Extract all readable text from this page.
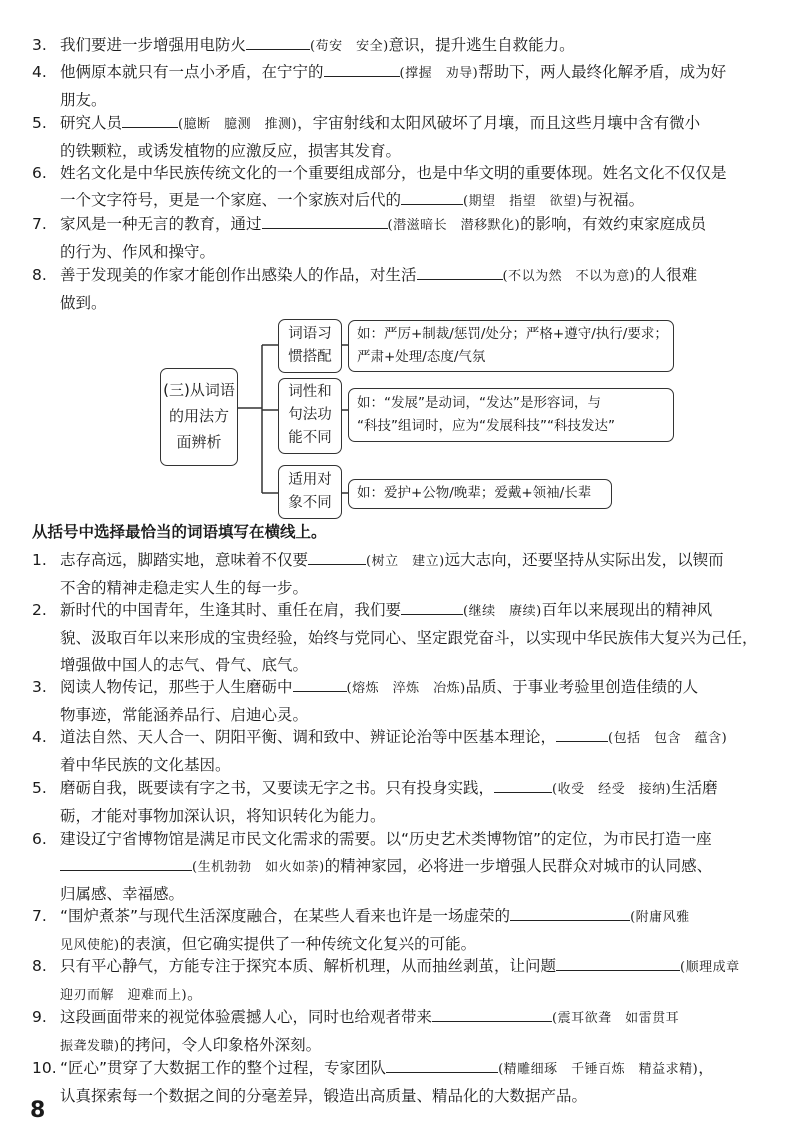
3. 我们要进一步增强用电防火	(苟安　安全)意识，提升逃生自救能力。
4. 他俩原本就只有一点小矛盾，在宁宁的	(撑握　劝导)帮助下，两人最终化解矛盾，成为好
朋友。
5. 研究人员	(臆断　臆测　推测)，宇宙射线和太阳风破坏了月壤，而且这些月壤中含有微小
的铁颗粒，或诱发植物的应激反应，损害其发育。
6. 姓名文化是中华民族传统文化的一个重要组成部分，也是中华文明的重要体现。姓名文化不仅仅是
一个文字符号，更是一个家庭、一个家族对后代的	(期望　指望　欲望)与祝福。
7. 家风是一种无言的教育，通过	(潜滋暗长　潜移默化)的影响，有效约束家庭成员
的行为、作风和操守。
8. 善于发现美的作家才能创作出感染人的作品，对生活	(不以为然　不以为意)的人很难
做到。
(三)从词语
的用法方
面辨析
词语习
惯搭配
如：严厉+制裁/惩罚/处分；严格+遵守/执行/要求；
严肃+处理/态度/气氛
词性和
句法功
能不同
如：“发展”是动词，“发达”是形容词，与
“科技”组词时，应为“发展科技”“科技发达”
适用对
象不同
如：爱护+公物/晚辈；爱戴+领袖/长辈
从括号中选择最恰当的词语填写在横线上。
1. 志存高远，脚踏实地，意味着不仅要	(树立　建立)远大志向，还要坚持从实际出发，以锲而
不舍的精神走稳走实人生的每一步。
2. 新时代的中国青年，生逢其时、重任在肩，我们要	(继续　赓续)百年以来展现出的精神风
貌、汲取百年以来形成的宝贵经验，始终与党同心、坚定跟党奋斗，以实现中华民族伟大复兴为己任，
增强做中国人的志气、骨气、底气。
3. 阅读人物传记，那些于人生磨砺中	(熔炼　淬炼　冶炼)品质、于事业考验里创造佳绩的人
物事迹，常能涵养品行、启迪心灵。
4. 道法自然、天人合一、阴阳平衡、调和致中、辨证论治等中医基本理论，	(包括　包含　蕴含)
着中华民族的文化基因。
5. 磨砺自我，既要读有字之书，又要读无字之书。只有投身实践，	(收受　经受　接纳)生活磨
砺，才能对事物加深认识，将知识转化为能力。
6. 建设辽宁省博物馆是满足市民文化需求的需要。以“历史艺术类博物馆”的定位，为市民打造一座
(生机勃勃　如火如荼)的精神家园，必将进一步增强人民群众对城市的认同感、
归属感、幸福感。
7. “围炉煮茶”与现代生活深度融合，在某些人看来也许是一场虚荣的	(附庸风雅
见风使舵)的表演，但它确实提供了一种传统文化复兴的可能。
8. 只有平心静气，方能专注于探究本质、解析机理，从而抽丝剥茧，让问题	(顺理成章
迎刃而解　迎难而上)。
9. 这段画面带来的视觉体验震撼人心，同时也给观者带来	(震耳欲聋　如雷贯耳
振聋发聩)的拷问，令人印象格外深刻。
10. “匠心”贯穿了大数据工作的整个过程，专家团队	(精雕细琢　千锤百炼　精益求精)，
认真探索每一个数据之间的分毫差异，锻造出高质量、精品化的大数据产品。
8
